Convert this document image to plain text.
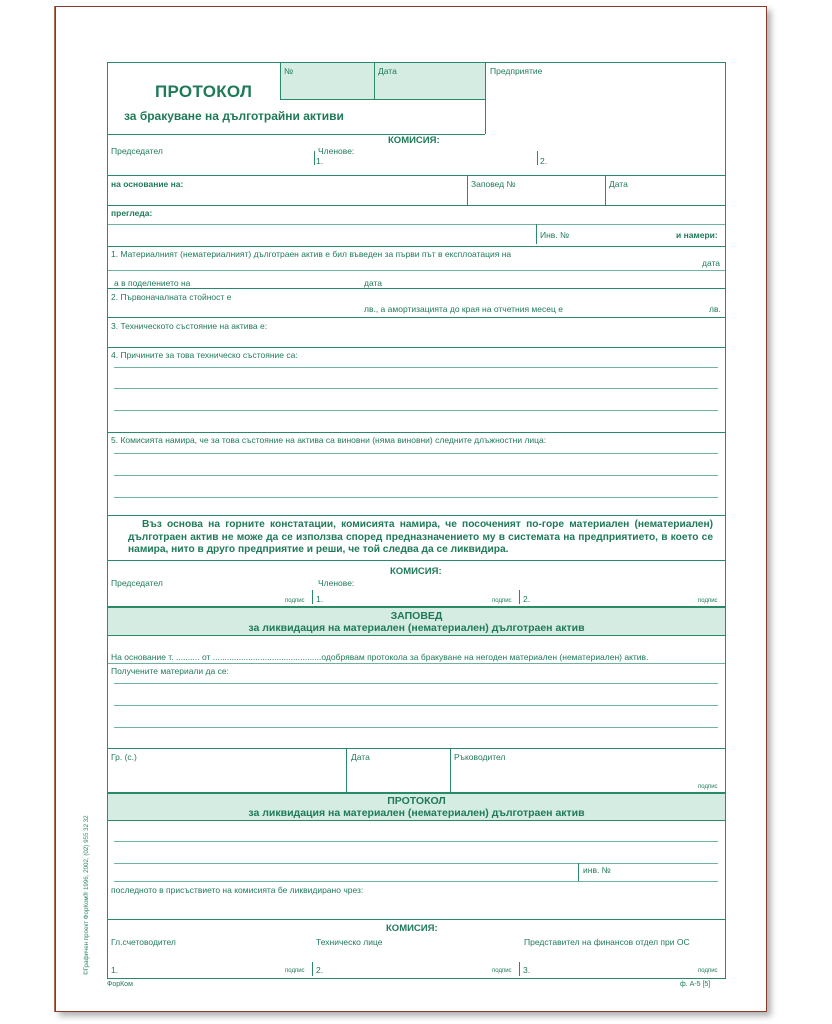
ПРОТОКОЛ
за бракуване на дълготрайни активи
№	Дата	Предприятие
КОМИСИЯ:
Председател	Членове:
1.	2.
на основание на:	Заповед №	Дата
прегледа:
Инв. №	и намери:
1. Материалният (нематериалният) дълготраен актив е бил въведен за първи път в експлоатация на
дата
а в поделението на	дата
2. Първоначалната стойност е
лв., а амортизацията до края на отчетния месец е	лв.
3. Техническото състояние на актива е:
4. Причините за това техническо състояние са:
5. Комисията намира, че за това състояние на актива са виновни (няма виновни) следните длъжностни лица:
Въз основа на горните констатации, комисията намира, че посоченият по-горе материален (нематериален) дълготраен актив не може да се използва според предназначението му в системата на предприятието, в което се намира, нито в друго предприятие и реши, че той следва да се ликвидира.
КОМИСИЯ:
Председател	Членове:
подпис 1.	подпис 2.	подпис
ЗАПОВЕД
за ликвидация на материален (нематериален) дълготраен актив
На основание т. .......... от ..............................................одобрявам протокола за бракуване на негоден материален (нематериален) актив.
Получените материали да се:
Гр. (с.)	Дата	Ръководител
подпис
ПРОТОКОЛ
за ликвидация на материален (нематериален) дълготраен актив
инв. №
последното в присъствието на комисията бе ликвидирано чрез:
КОМИСИЯ:
Гл.счетоводител	Техническо лице	Представител на финансов отдел при ОС
1.	подпис 2.	подпис 3.	подпис
ФорКом	ф. А-5 [5]
©Графичен проект ФорКом® 1996, 2002, (02) 955 32 32
